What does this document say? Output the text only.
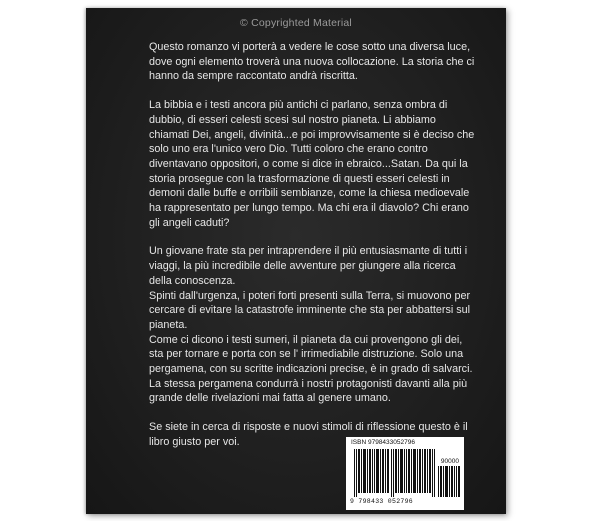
© Copyrighted Material

Questo romanzo vi porterà a vedere le cose sotto una diversa luce, dove ogni elemento troverà una nuova collocazione. La storia che ci hanno da sempre raccontato andrà riscritta.

La bibbia e i testi ancora più antichi ci parlano, senza ombra di dubbio, di esseri celesti scesi sul nostro pianeta. Li abbiamo chiamati Dei, angeli, divinità...e poi improvvisamente si è deciso che solo uno era l'unico vero Dio. Tutti coloro che erano contro diventavano oppositori, o come si dice in ebraico...Satan. Da qui la storia prosegue con la trasformazione di questi esseri celesti in demoni dalle buffe e orribili sembianze, come la chiesa medioevale ha rappresentato per lungo tempo. Ma chi era il diavolo? Chi erano gli angeli caduti?

Un giovane frate sta per intraprendere il più entusiasmante di tutti i viaggi, la più incredibile delle avventure per giungere alla ricerca della conoscenza.

Spinti dall'urgenza, i poteri forti presenti sulla Terra, si muovono per cercare di evitare la catastrofe imminente che sta per abbattersi sul pianeta.

Come ci dicono i testi sumeri, il pianeta da cui provengono gli dei, sta per tornare e porta con se l' irrimediabile distruzione. Solo una pergamena, con su scritte indicazioni precise, è in grado di salvarci.

La stessa pergamena condurrà i nostri protagonisti davanti alla più grande delle rivelazioni mai fatta al genere umano.

Se siete in cerca di risposte e nuovi stimoli di riflessione questo è il libro giusto per voi.	ISBN 9798433052796
90000
9 798433 052796
